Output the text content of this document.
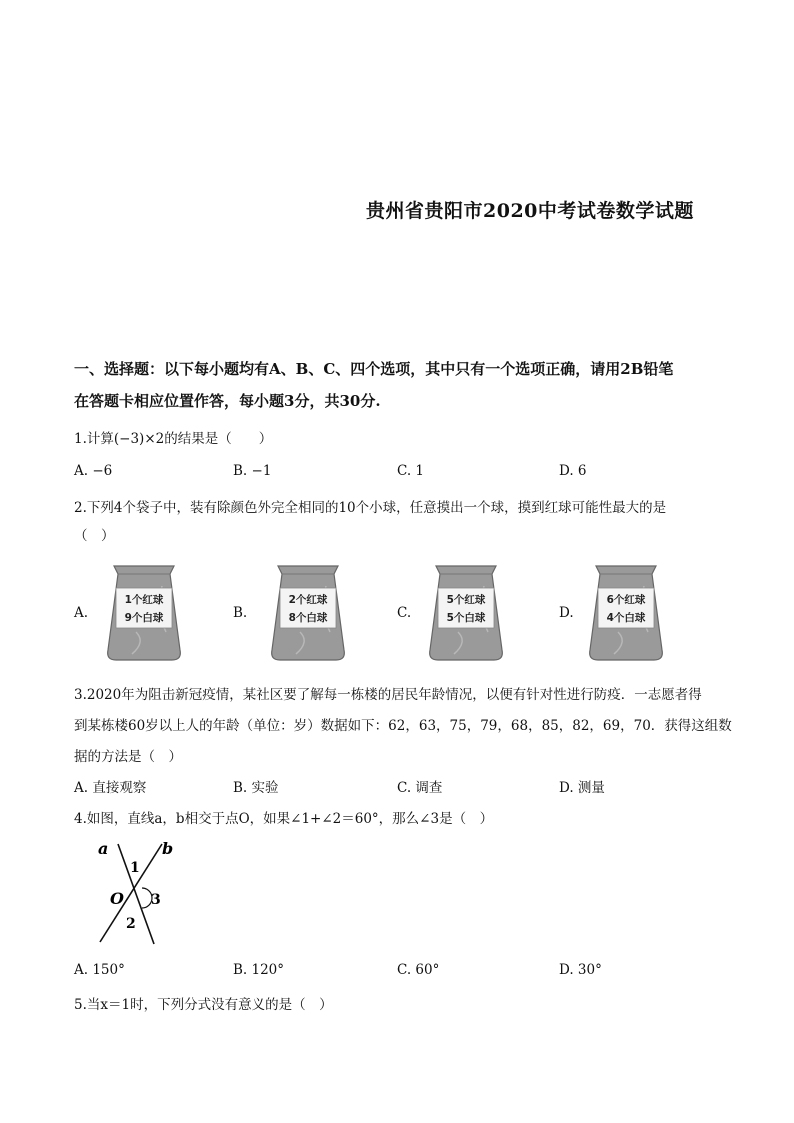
贵州省贵阳市2020中考试卷数学试题
一、选择题：以下每小题均有A、B、C、四个选项，其中只有一个选项正确，请用2B铅笔
在答题卡相应位置作答，每小题3分，共30分.
1.计算(−3)×2的结果是（　　）
A. −6	B. −1	C. 1	D. 6
2.下列4个袋子中，装有除颜色外完全相同的10个小球，任意摸出一个球，摸到红球可能性最大的是
（　）
A.	B.	C.	D.
1个红球
9个白球
2个红球
8个白球
5个红球
5个白球
6个红球
4个白球
3.2020年为阻击新冠疫情，某社区要了解每一栋楼的居民年龄情况，以便有针对性进行防疫．一志愿者得
到某栋楼60岁以上人的年龄（单位：岁）数据如下：62，63，75，79，68，85，82，69，70．获得这组数
据的方法是（　）
A. 直接观察	B. 实验	C. 调查	D. 测量
4.如图，直线a，b相交于点O，如果∠1+∠2＝60°，那么∠3是（　）
a	b
O
1
2
3
A. 150°	B. 120°	C. 60°	D. 30°
5.当x＝1时，下列分式没有意义的是（　）
